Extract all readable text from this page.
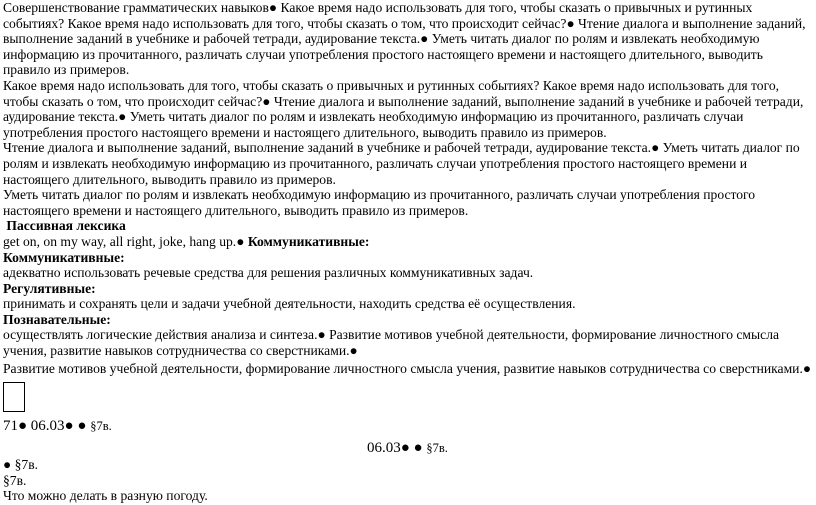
Совершенствование грамматических навыков● Какое время надо использовать для того, чтобы сказать о привычных и рутинных событиях? Какое время надо использовать для того, чтобы сказать о том, что происходит сейчас?● Чтение диалога и выполнение заданий, выполнение заданий в учебнике и рабочей тетради, аудирование текста.● Уметь читать диалог по ролям и извлекать необходимую информацию из прочитанного, различать случаи употребления простого настоящего времени и настоящего длительного, выводить правило из примеров.

Какое время надо использовать для того, чтобы сказать о привычных и рутинных событиях? Какое время надо использовать для того, чтобы сказать о том, что происходит сейчас?● Чтение диалога и выполнение заданий, выполнение заданий в учебнике и рабочей тетради, аудирование текста.● Уметь читать диалог по ролям и извлекать необходимую информацию из прочитанного, различать случаи употребления простого настоящего времени и настоящего длительного, выводить правило из примеров.

Чтение диалога и выполнение заданий, выполнение заданий в учебнике и рабочей тетради, аудирование текста.● Уметь читать диалог по ролям и извлекать необходимую информацию из прочитанного, различать случаи употребления простого настоящего времени и настоящего длительного, выводить правило из примеров.

Уметь читать диалог по ролям и извлекать необходимую информацию из прочитанного, различать случаи употребления простого настоящего времени и настоящего длительного, выводить правило из примеров.

Пассивная лексика

get on, on my way, all right, joke, hang up.● Коммуникативные:

Коммуникативные:

адекватно использовать речевые средства для решения различных коммуникативных задач.

Регулятивные:

принимать и сохранять цели и задачи учебной деятельности, находить средства её осуществления.

Познавательные:

осуществлять логические действия анализа и синтеза.● Развитие мотивов учебной деятельности, формирование личностного смысла учения, развитие навыков сотрудничества со сверстниками.●

Развитие мотивов учебной деятельности, формирование личностного смысла учения, развитие навыков сотрудничества со сверстниками.●

71● 06.03● ● §7в.

06.03● ● §7в.

● §7в.

§7в.

Что можно делать в разную погоду.
